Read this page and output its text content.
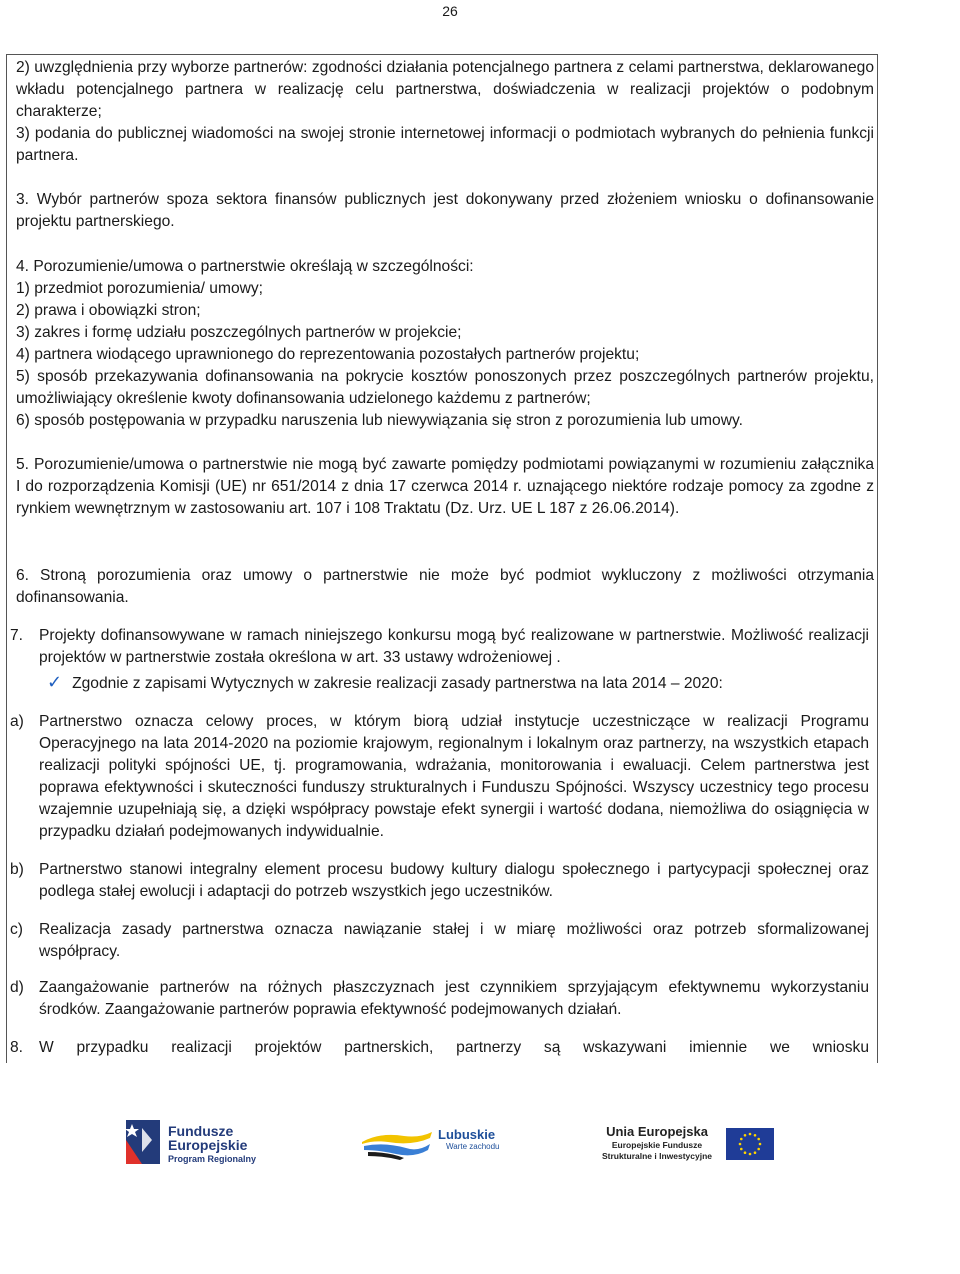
26

2) uwzględnienia przy wyborze partnerów: zgodności działania potencjalnego partnera z celami partnerstwa, deklarowanego wkładu potencjalnego partnera w realizację celu partnerstwa, doświadczenia w realizacji projektów o podobnym charakterze;

3) podania do publicznej wiadomości na swojej stronie internetowej informacji o podmiotach wybranych do pełnienia funkcji partnera.

3. Wybór partnerów spoza sektora finansów publicznych jest dokonywany przed złożeniem wniosku o dofinansowanie projektu partnerskiego.

4. Porozumienie/umowa o partnerstwie określają w szczególności:

1) przedmiot porozumienia/ umowy;

2) prawa i obowiązki stron;

3) zakres i formę udziału poszczególnych partnerów w projekcie;

4) partnera wiodącego uprawnionego do reprezentowania pozostałych partnerów projektu;

5) sposób przekazywania dofinansowania na pokrycie kosztów ponoszonych przez poszczególnych partnerów projektu, umożliwiający określenie kwoty dofinansowania udzielonego każdemu z partnerów;

6) sposób postępowania w przypadku naruszenia lub niewywiązania się stron z porozumienia lub umowy.

5. Porozumienie/umowa o partnerstwie nie mogą być zawarte pomiędzy podmiotami powiązanymi w rozumieniu załącznika I do rozporządzenia Komisji (UE) nr 651/2014 z dnia 17 czerwca 2014 r. uznającego niektóre rodzaje pomocy za zgodne z rynkiem wewnętrznym w zastosowaniu art. 107 i 108 Traktatu (Dz. Urz. UE L 187 z 26.06.2014).

6. Stroną porozumienia oraz umowy o partnerstwie nie może być podmiot wykluczony z możliwości otrzymania dofinansowania.

7. Projekty dofinansowywane w ramach niniejszego konkursu mogą być realizowane w partnerstwie. Możliwość realizacji projektów w partnerstwie została określona w art. 33 ustawy wdrożeniowej .
✓ Zgodnie z zapisami Wytycznych w zakresie realizacji zasady partnerstwa na lata 2014 – 2020:
a) Partnerstwo oznacza celowy proces, w którym biorą udział instytucje uczestniczące w realizacji Programu Operacyjnego na lata 2014-2020 na poziomie krajowym, regionalnym i lokalnym oraz partnerzy, na wszystkich etapach realizacji polityki spójności UE, tj. programowania, wdrażania, monitorowania i ewaluacji. Celem partnerstwa jest poprawa efektywności i skuteczności funduszy strukturalnych i Funduszu Spójności. Wszyscy uczestnicy tego procesu wzajemnie uzupełniają się, a dzięki współpracy powstaje efekt synergii i wartość dodana, niemożliwa do osiągnięcia w przypadku działań podejmowanych indywidualnie.
b) Partnerstwo stanowi integralny element procesu budowy kultury dialogu społecznego i partycypacji społecznej oraz podlega stałej ewolucji i adaptacji do potrzeb wszystkich jego uczestników.
c) Realizacja zasady partnerstwa oznacza nawiązanie stałej i w miarę możliwości oraz potrzeb sformalizowanej współpracy.
d) Zaangażowanie partnerów na różnych płaszczyznach jest czynnikiem sprzyjającym efektywnemu wykorzystaniu środków. Zaangażowanie partnerów poprawia efektywność podejmowanych działań.
8. W przypadku realizacji projektów partnerskich, partnerzy są wskazywani imiennie we wniosku
Fundusze
Europejskie
Program Regionalny
Lubuskie
Warte zachodu
Unia Europejska
Europejskie Fundusze
Strukturalne i Inwestycyjne
